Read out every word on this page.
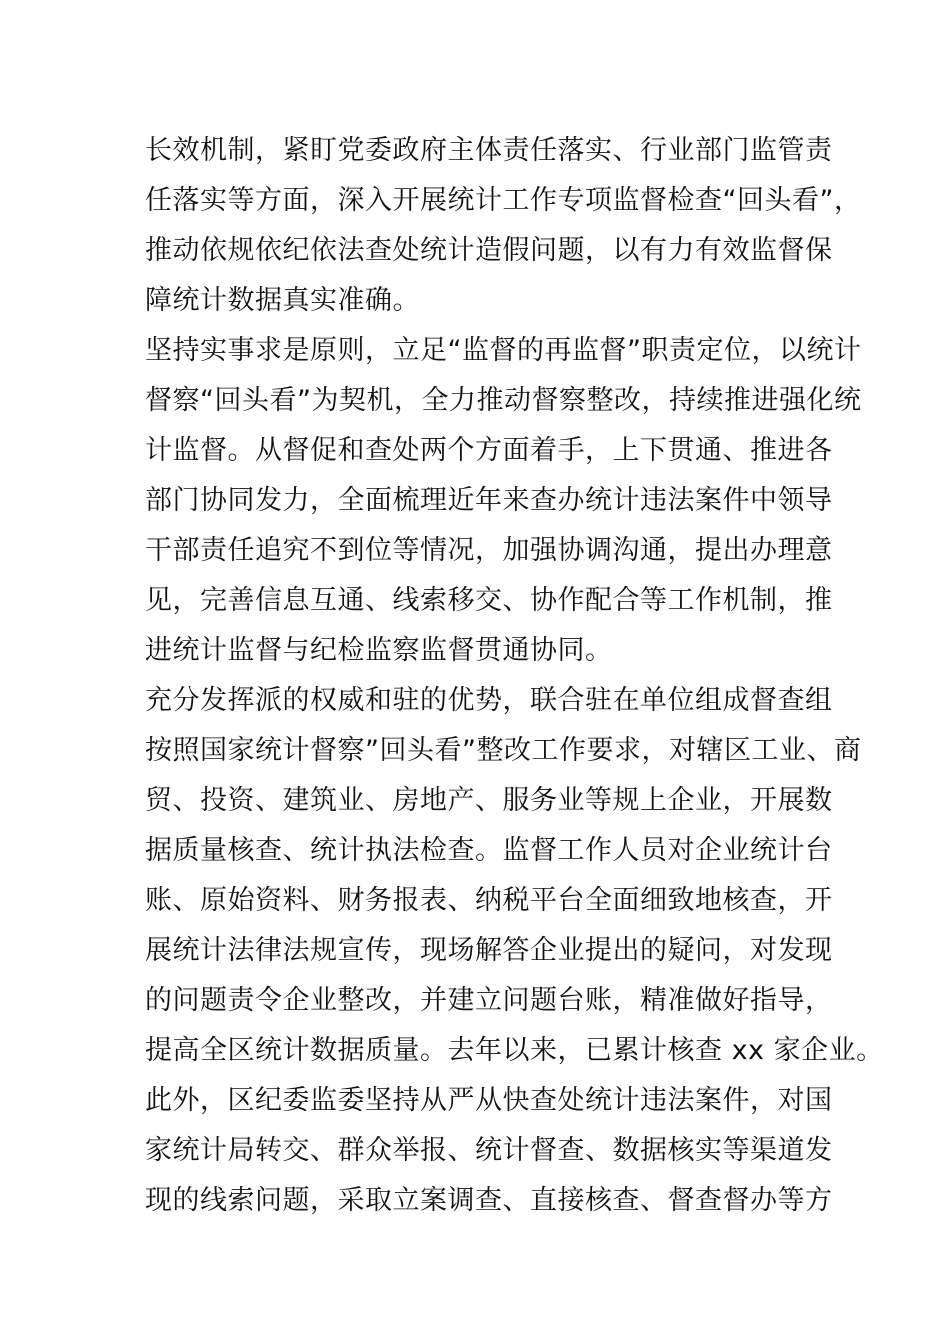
长效机制，紧盯党委政府主体责任落实、行业部门监管责
任落实等方面，深入开展统计工作专项监督检查“回头看”，
推动依规依纪依法查处统计造假问题，以有力有效监督保
障统计数据真实准确。
坚持实事求是原则，立足“监督的再监督”职责定位，以统计
督察“回头看”为契机，全力推动督察整改，持续推进强化统
计监督。从督促和查处两个方面着手，上下贯通、推进各
部门协同发力，全面梳理近年来查办统计违法案件中领导
干部责任追究不到位等情况，加强协调沟通，提出办理意
见，完善信息互通、线索移交、协作配合等工作机制，推
进统计监督与纪检监察监督贯通协同。
充分发挥派的权威和驻的优势，联合驻在单位组成督查组
按照国家统计督察”回头看”整改工作要求，对辖区工业、商
贸、投资、建筑业、房地产、服务业等规上企业，开展数
据质量核查、统计执法检查。监督工作人员对企业统计台
账、原始资料、财务报表、纳税平台全面细致地核查，开
展统计法律法规宣传，现场解答企业提出的疑问，对发现
的问题责令企业整改，并建立问题台账，精准做好指导，
提高全区统计数据质量。去年以来，已累计核查 xx 家企业。
此外，区纪委监委坚持从严从快查处统计违法案件，对国
家统计局转交、群众举报、统计督查、数据核实等渠道发
现的线索问题，采取立案调查、直接核查、督查督办等方
